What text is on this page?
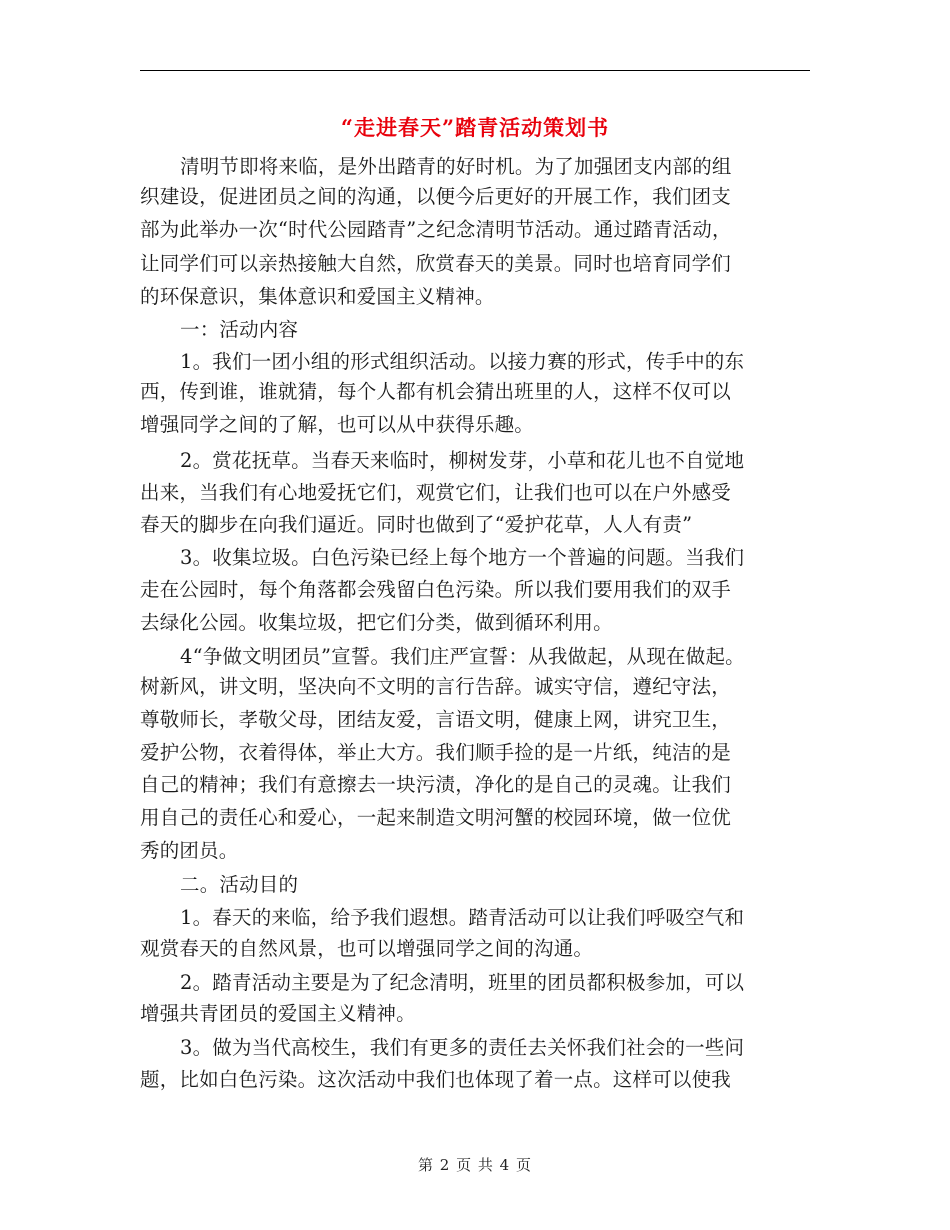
“走进春天”踏青活动策划书
清明节即将来临，是外出踏青的好时机。为了加强团支内部的组
织建设，促进团员之间的沟通，以便今后更好的开展工作，我们团支
部为此举办一次“时代公园踏青”之纪念清明节活动。通过踏青活动，
让同学们可以亲热接触大自然，欣赏春天的美景。同时也培育同学们
的环保意识，集体意识和爱国主义精神。
一：活动内容
1。我们一团小组的形式组织活动。以接力赛的形式，传手中的东
西，传到谁，谁就猜，每个人都有机会猜出班里的人，这样不仅可以
增强同学之间的了解，也可以从中获得乐趣。
2。赏花抚草。当春天来临时，柳树发芽，小草和花儿也不自觉地
出来，当我们有心地爱抚它们，观赏它们，让我们也可以在户外感受
春天的脚步在向我们逼近。同时也做到了“爱护花草，人人有责”
3。收集垃圾。白色污染已经上每个地方一个普遍的问题。当我们
走在公园时，每个角落都会残留白色污染。所以我们要用我们的双手
去绿化公园。收集垃圾，把它们分类，做到循环利用。
4“争做文明团员”宣誓。我们庄严宣誓：从我做起，从现在做起。
树新风，讲文明，坚决向不文明的言行告辞。诚实守信，遵纪守法，
尊敬师长，孝敬父母，团结友爱，言语文明，健康上网，讲究卫生，
爱护公物，衣着得体，举止大方。我们顺手捡的是一片纸，纯洁的是
自己的精神；我们有意擦去一块污渍，净化的是自己的灵魂。让我们
用自己的责任心和爱心，一起来制造文明河蟹的校园环境，做一位优
秀的团员。
二。活动目的
1。春天的来临，给予我们遐想。踏青活动可以让我们呼吸空气和
观赏春天的自然风景，也可以增强同学之间的沟通。
2。踏青活动主要是为了纪念清明，班里的团员都积极参加，可以
增强共青团员的爱国主义精神。
3。做为当代高校生，我们有更多的责任去关怀我们社会的一些问
题，比如白色污染。这次活动中我们也体现了着一点。这样可以使我
第 2 页 共 4 页
